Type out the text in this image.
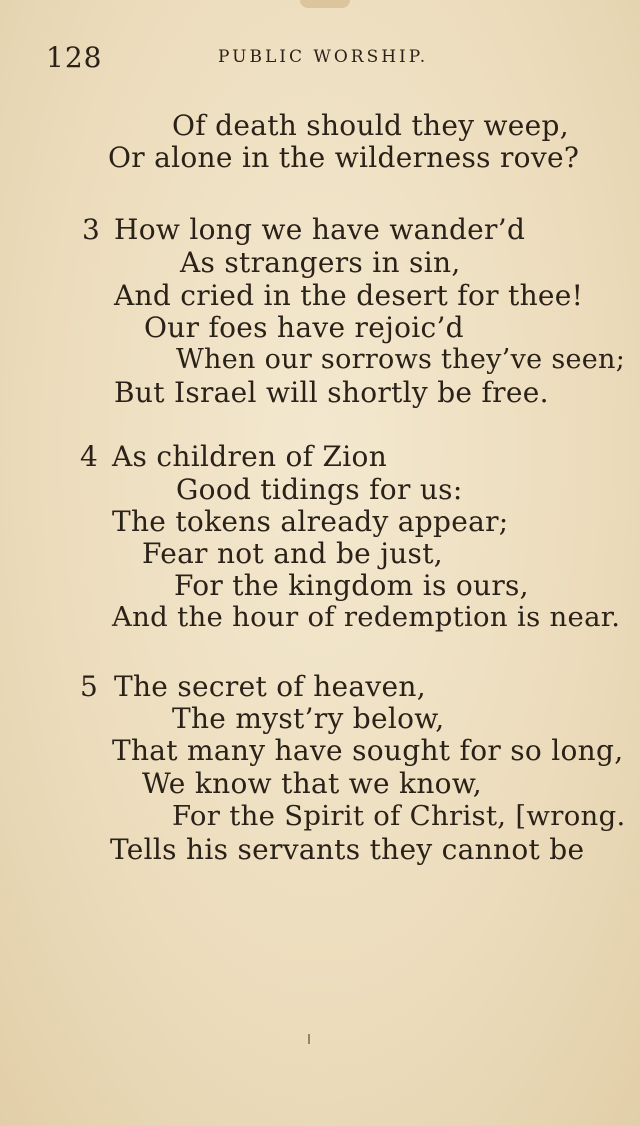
128	PUBLIC WORSHIP.
Of death should they weep,
Or alone in the wilderness rove?
3 How long we have wander’d
As strangers in sin,
And cried in the desert for thee!
Our foes have rejoic’d
When our sorrows they’ve seen;
But Israel will shortly be free.
4 As children of Zion
Good tidings for us:
The tokens already appear;
Fear not and be just,
For the kingdom is ours,
And the hour of redemption is near.
5 The secret of heaven,
The myst’ry below,
That many have sought for so long,
We know that we know,
For the Spirit of Christ, [wrong.
Tells his servants they cannot be
